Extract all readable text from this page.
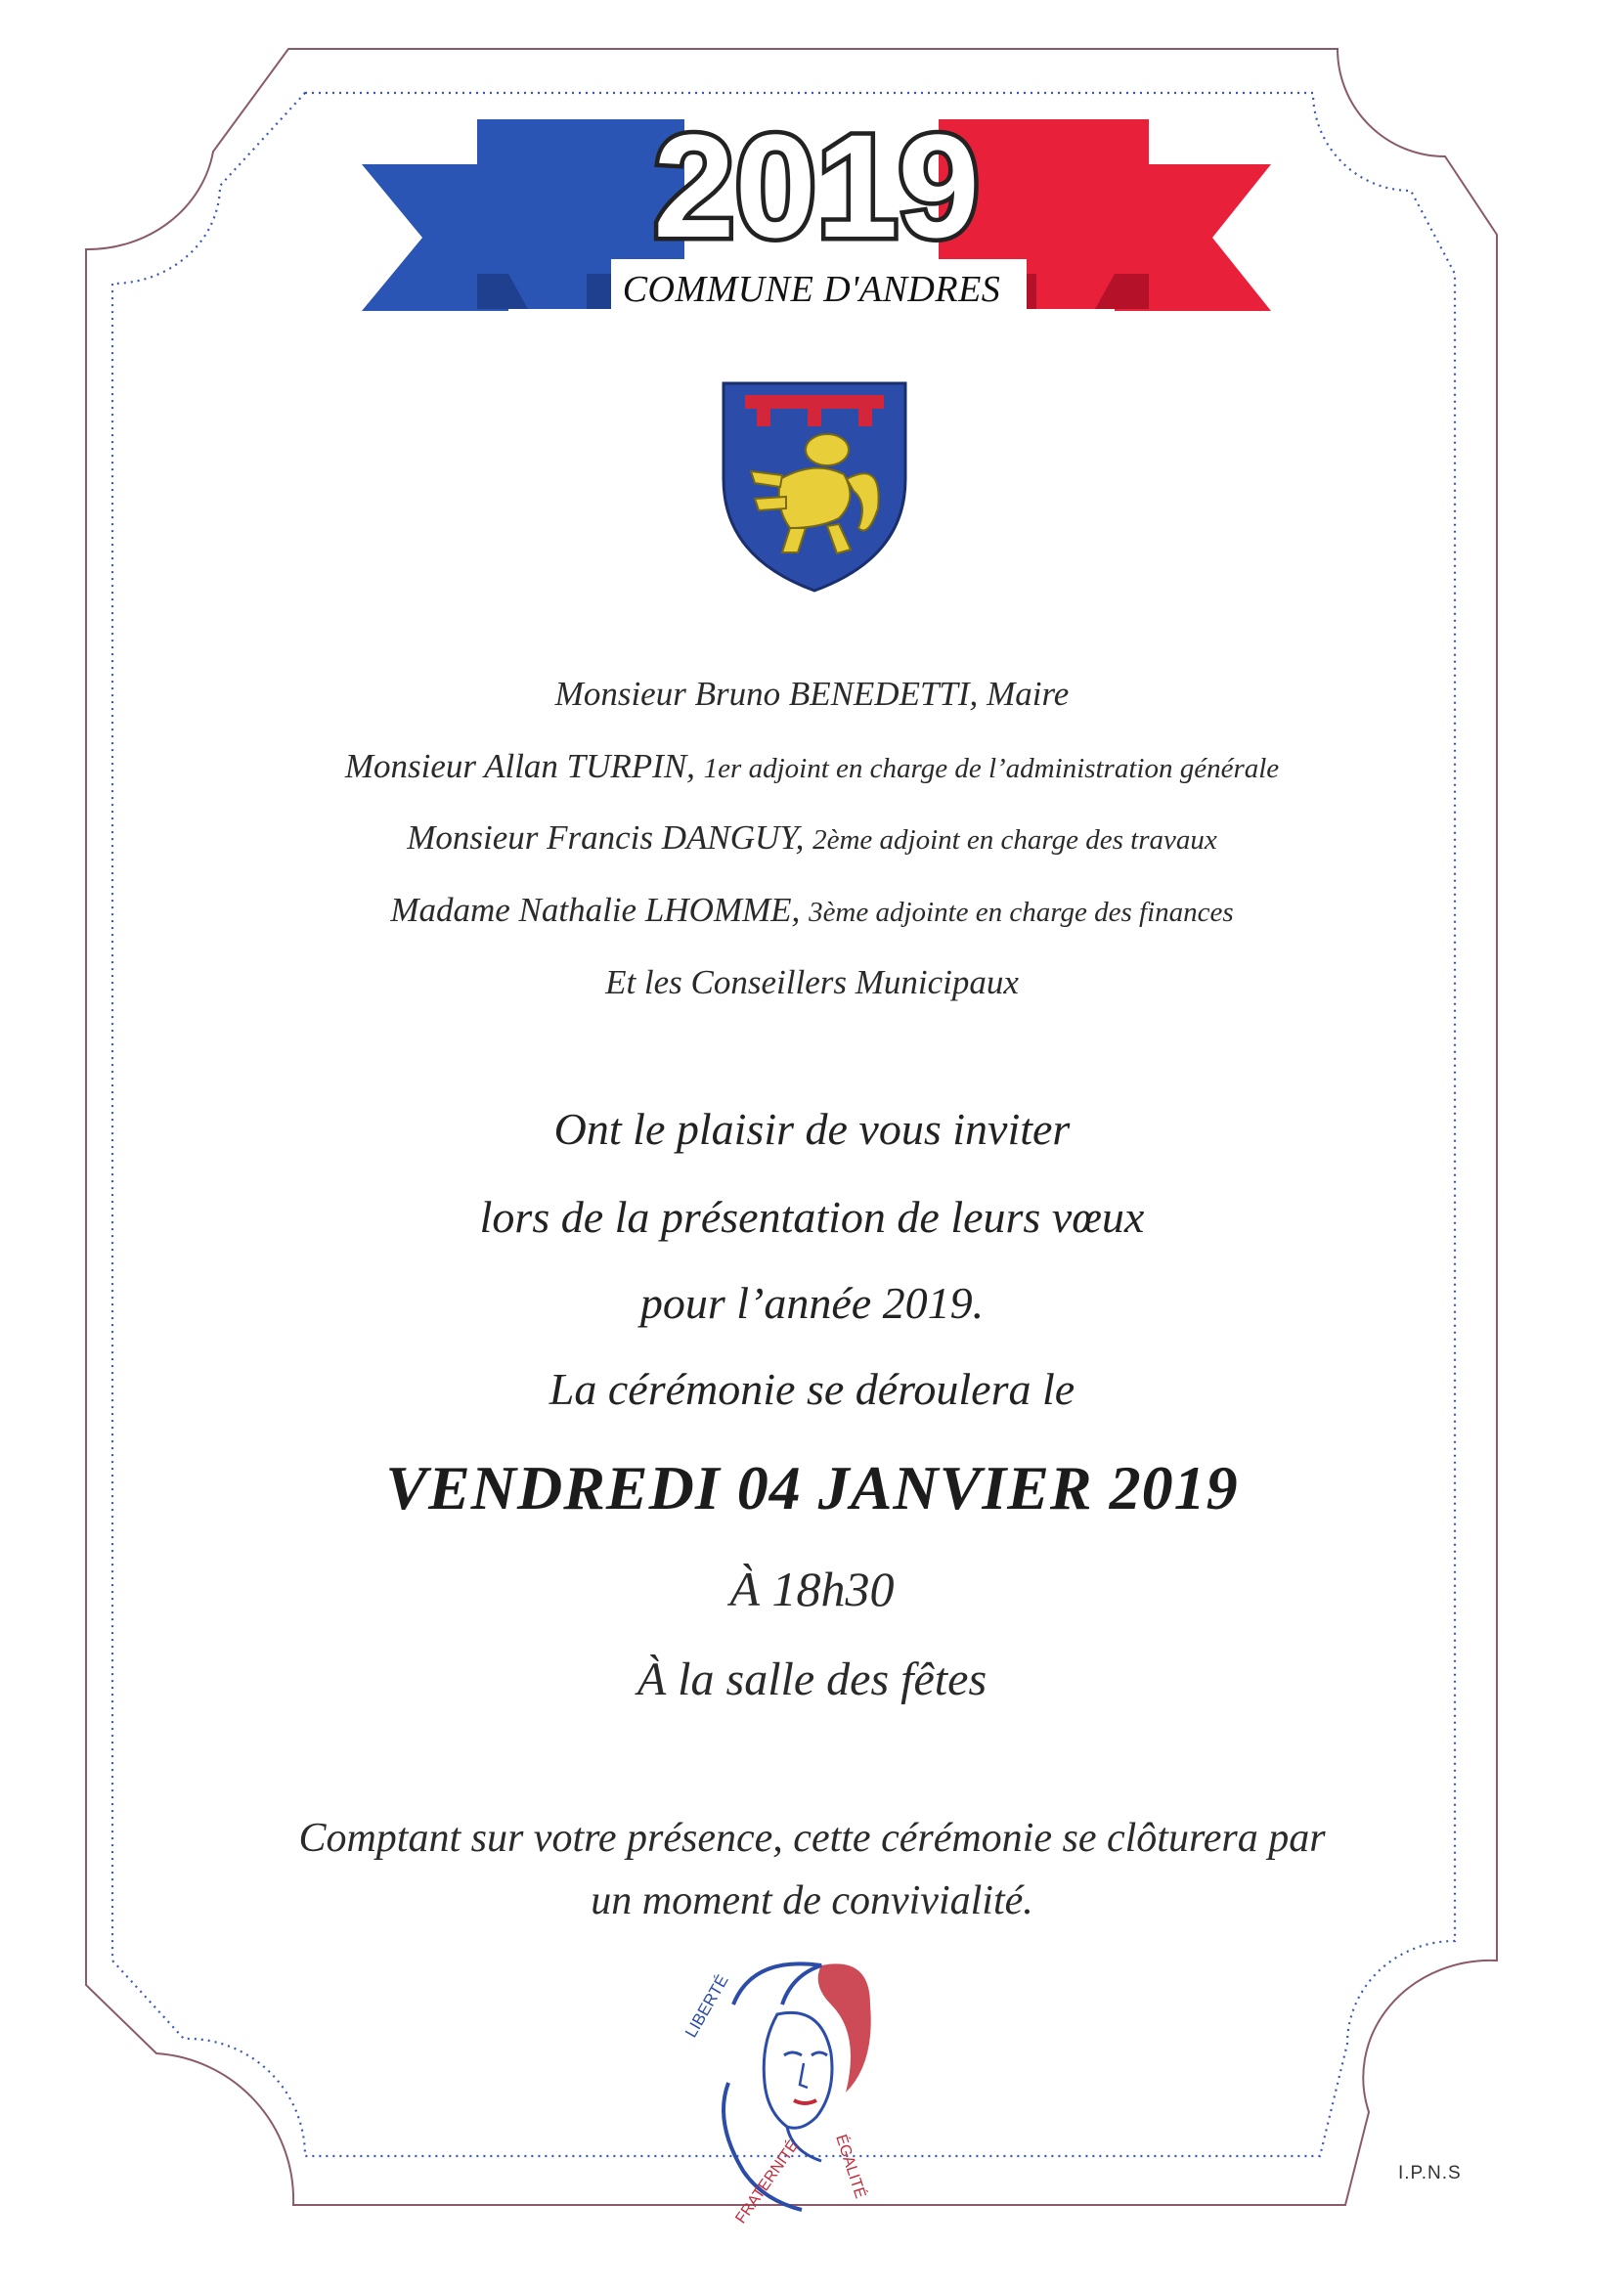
2019
COMMUNE D'ANDRES
Monsieur Bruno BENEDETTI, Maire
Monsieur Allan TURPIN, 1er adjoint en charge de l’administration générale
Monsieur Francis DANGUY, 2ème adjoint en charge des travaux
Madame Nathalie LHOMME, 3ème adjointe en charge des finances
Et les Conseillers Municipaux
Ont le plaisir de vous inviter
lors de la présentation de leurs vœux
pour l’année 2019.
La cérémonie se déroulera le
VENDREDI 04 JANVIER 2019
À 18h30
À la salle des fêtes
Comptant sur votre présence, cette cérémonie se clôturera par
un moment de convivialité.
LIBERTÉ
ÉGALITÉ
FRATERNITÉ	I.P.N.S
